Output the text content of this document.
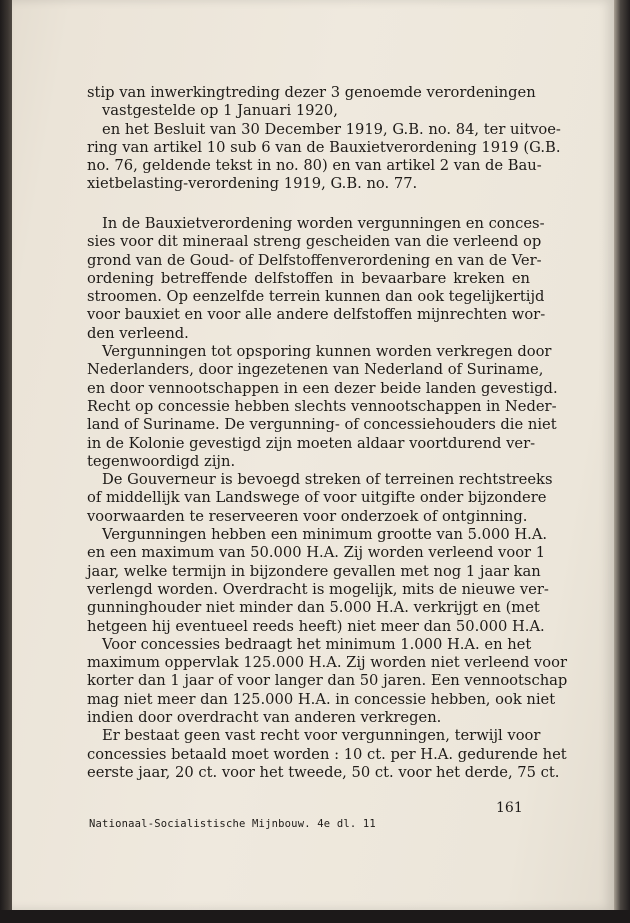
stip van inwerkingtreding dezer 3 genoemde verordeningen
vastgestelde op 1 Januari 1920,
en het Besluit van 30 December 1919, G.B. no. 84, ter uitvoe-
ring van artikel 10 sub 6 van de Bauxietverordening 1919 (G.B.
no. 76, geldende tekst in no. 80) en van artikel 2 van de Bau-
xietbelasting-verordening 1919, G.B. no. 77.
In de Bauxietverordening worden vergunningen en conces-
sies voor dit mineraal streng gescheiden van die verleend op
grond van de Goud- of Delfstoffenverordening en van de Ver-
ordening betreffende delfstoffen in bevaarbare kreken en
stroomen. Op eenzelfde terrein kunnen dan ook tegelijkertijd
voor bauxiet en voor alle andere delfstoffen mijnrechten wor-
den verleend.
Vergunningen tot opsporing kunnen worden verkregen door
Nederlanders, door ingezetenen van Nederland of Suriname,
en door vennootschappen in een dezer beide landen gevestigd.
Recht op concessie hebben slechts vennootschappen in Neder-
land of Suriname. De vergunning- of concessiehouders die niet
in de Kolonie gevestigd zijn moeten aldaar voortdurend ver-
tegenwoordigd zijn.
De Gouverneur is bevoegd streken of terreinen rechtstreeks
of middellijk van Landswege of voor uitgifte onder bijzondere
voorwaarden te reserveeren voor onderzoek of ontginning.
Vergunningen hebben een minimum grootte van 5.000 H.A.
en een maximum van 50.000 H.A. Zij worden verleend voor 1
jaar, welke termijn in bijzondere gevallen met nog 1 jaar kan
verlengd worden. Overdracht is mogelijk, mits de nieuwe ver-
gunninghouder niet minder dan 5.000 H.A. verkrijgt en (met
hetgeen hij eventueel reeds heeft) niet meer dan 50.000 H.A.
Voor concessies bedraagt het minimum 1.000 H.A. en het
maximum oppervlak 125.000 H.A. Zij worden niet verleend voor
korter dan 1 jaar of voor langer dan 50 jaren. Een vennootschap
mag niet meer dan 125.000 H.A. in concessie hebben, ook niet
indien door overdracht van anderen verkregen.
Er bestaat geen vast recht voor vergunningen, terwijl voor
concessies betaald moet worden : 10 ct. per H.A. gedurende het
eerste jaar, 20 ct. voor het tweede, 50 ct. voor het derde, 75 ct.
161
Nationaal-Socialistische Mijnbouw. 4e dl. 11
